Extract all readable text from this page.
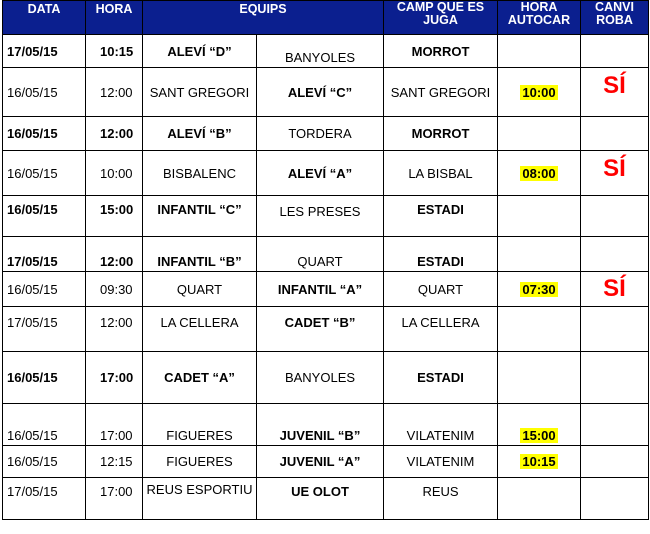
DATA	HORA	EQUIPS		CAMP QUE ES JUGA	HORA AUTOCAR	CANVI ROBA
17/05/15	10:15	ALEVÍ “D”	BANYOLES	MORROT		
16/05/15	12:00	SANT GREGORI	ALEVÍ “C”	SANT GREGORI	10:00	SÍ
16/05/15	12:00	ALEVÍ “B”	TORDERA	MORROT		
16/05/15	10:00	BISBALENC	ALEVÍ “A”	LA BISBAL	08:00	SÍ
16/05/15	15:00	INFANTIL “C”	LES PRESES	ESTADI		
17/05/15	12:00	INFANTIL “B”	QUART	ESTADI		
16/05/15	09:30	QUART	INFANTIL “A”	QUART	07:30	SÍ
17/05/15	12:00	LA CELLERA	CADET “B”	LA CELLERA		
16/05/15	17:00	CADET “A”	BANYOLES	ESTADI		
16/05/15	17:00	FIGUERES	JUVENIL “B”	VILATENIM	15:00	
16/05/15	12:15	FIGUERES	JUVENIL “A”	VILATENIM	10:15	
17/05/15	17:00	REUS ESPORTIU	UE OLOT	REUS		
